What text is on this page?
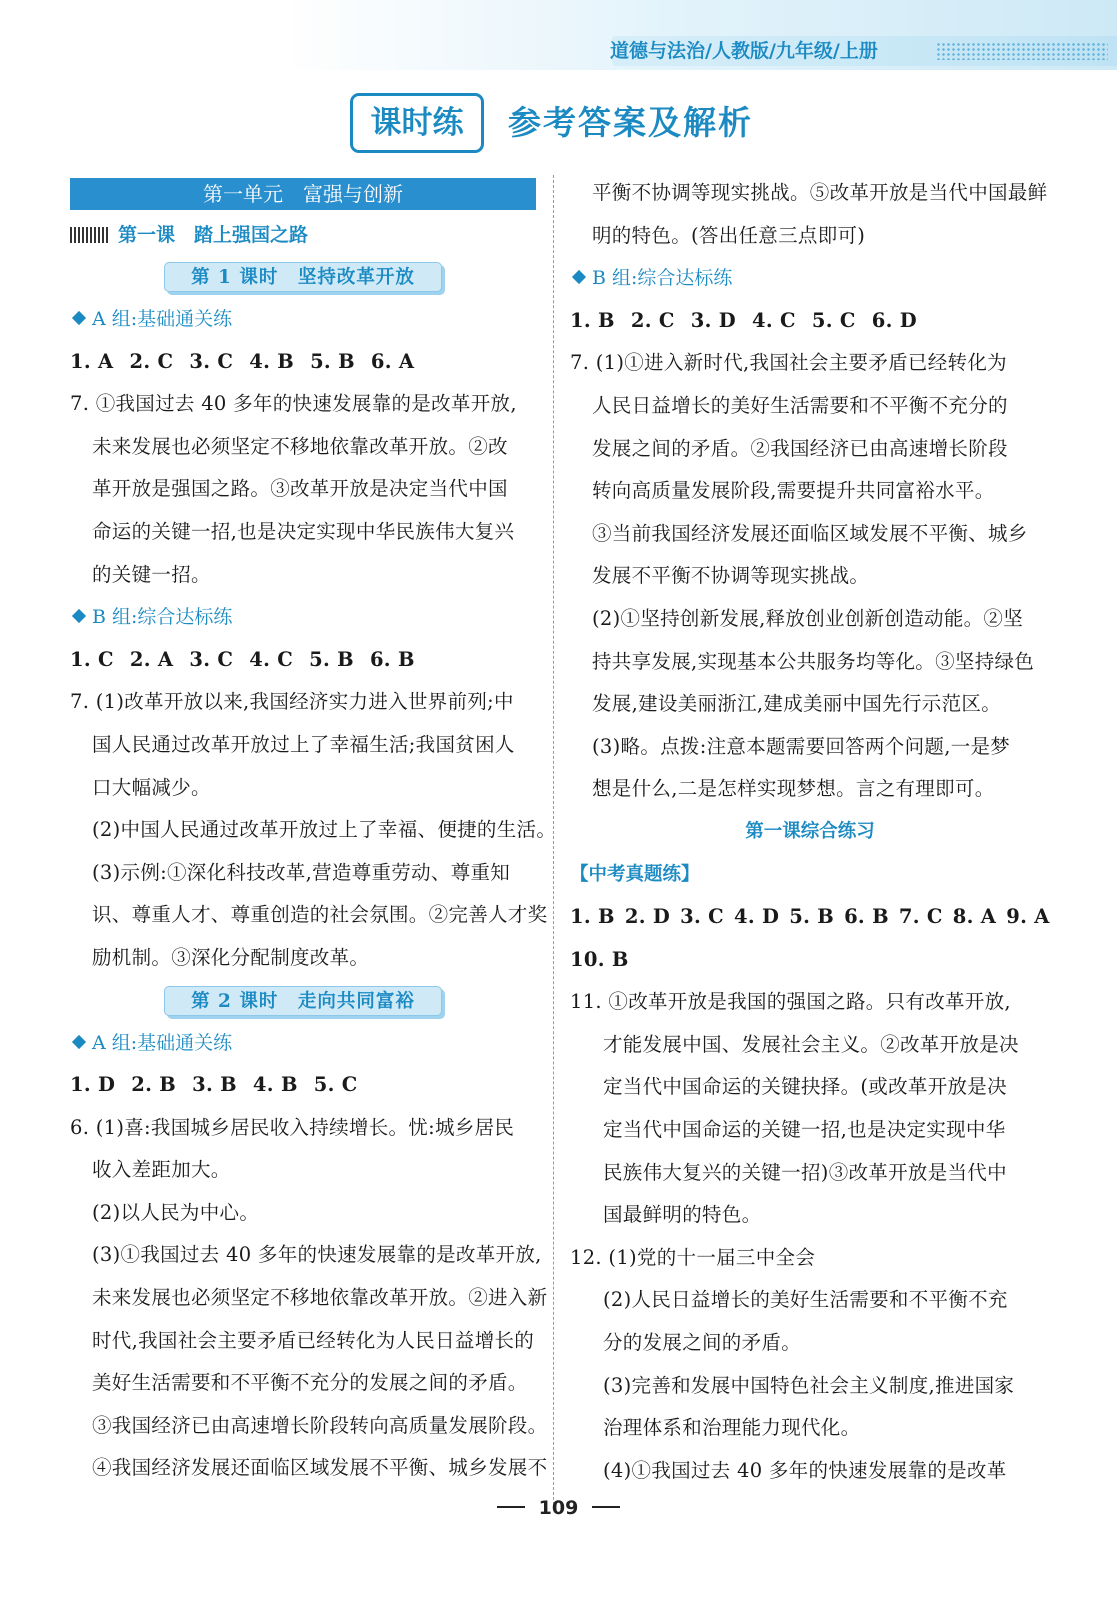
道德与法治/人教版/九年级/上册
课时练	参考答案及解析
第一单元　富强与创新
第一课　踏上强国之路
第 1 课时　坚持改革开放
A 组:基础通关练
1. A 2. C 3. C 4. B 5. B 6. A
7. ①我国过去 40 多年的快速发展靠的是改革开放,
未来发展也必须坚定不移地依靠改革开放。②改
革开放是强国之路。③改革开放是决定当代中国
命运的关键一招,也是决定实现中华民族伟大复兴
的关键一招。
B 组:综合达标练
1. C 2. A 3. C 4. C 5. B 6. B
7. (1)改革开放以来,我国经济实力进入世界前列;中
国人民通过改革开放过上了幸福生活;我国贫困人
口大幅减少。
(2)中国人民通过改革开放过上了幸福、便捷的生活。
(3)示例:①深化科技改革,营造尊重劳动、尊重知
识、尊重人才、尊重创造的社会氛围。②完善人才奖
励机制。③深化分配制度改革。
第 2 课时　走向共同富裕
A 组:基础通关练
1. D 2. B 3. B 4. B 5. C
6. (1)喜:我国城乡居民收入持续增长。忧:城乡居民
收入差距加大。
(2)以人民为中心。
(3)①我国过去 40 多年的快速发展靠的是改革开放,
未来发展也必须坚定不移地依靠改革开放。②进入新
时代,我国社会主要矛盾已经转化为人民日益增长的
美好生活需要和不平衡不充分的发展之间的矛盾。
③我国经济已由高速增长阶段转向高质量发展阶段。
④我国经济发展还面临区域发展不平衡、城乡发展不
平衡不协调等现实挑战。⑤改革开放是当代中国最鲜
明的特色。(答出任意三点即可)
B 组:综合达标练
1. B 2. C 3. D 4. C 5. C 6. D
7. (1)①进入新时代,我国社会主要矛盾已经转化为
人民日益增长的美好生活需要和不平衡不充分的
发展之间的矛盾。②我国经济已由高速增长阶段
转向高质量发展阶段,需要提升共同富裕水平。
③当前我国经济发展还面临区域发展不平衡、城乡
发展不平衡不协调等现实挑战。
(2)①坚持创新发展,释放创业创新创造动能。②坚
持共享发展,实现基本公共服务均等化。③坚持绿色
发展,建设美丽浙江,建成美丽中国先行示范区。
(3)略。点拨:注意本题需要回答两个问题,一是梦
想是什么,二是怎样实现梦想。言之有理即可。
第一课综合练习
【中考真题练】
1. B 2. D 3. C 4. D 5. B 6. B 7. C 8. A 9. A
10. B
11. ①改革开放是我国的强国之路。只有改革开放,
才能发展中国、发展社会主义。②改革开放是决
定当代中国命运的关键抉择。(或改革开放是决
定当代中国命运的关键一招,也是决定实现中华
民族伟大复兴的关键一招)③改革开放是当代中
国最鲜明的特色。
12. (1)党的十一届三中全会
(2)人民日益增长的美好生活需要和不平衡不充
分的发展之间的矛盾。
(3)完善和发展中国特色社会主义制度,推进国家
治理体系和治理能力现代化。
(4)①我国过去 40 多年的快速发展靠的是改革
109
